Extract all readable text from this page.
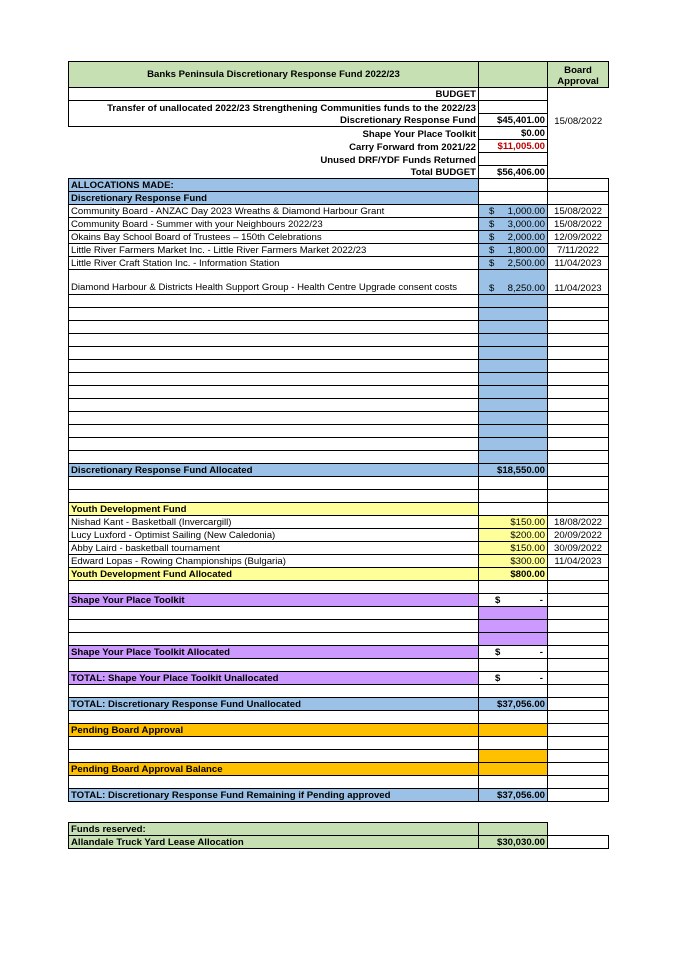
Banks Peninsula Discretionary Response Fund 2022/23		Board Approval
BUDGET		
Transfer of unallocated 2022/23 Strengthening Communities funds to the 2022/23		
Discretionary Response Fund	$45,401.00	15/08/2022
Shape Your Place Toolkit	$0.00	
Carry Forward from 2021/22	$11,005.00	
Unused DRF/YDF Funds Returned		
Total BUDGET	$56,406.00	
ALLOCATIONS MADE:		
Discretionary Response Fund		
Community Board - ANZAC Day 2023 Wreaths & Diamond Harbour Grant	$ 1,000.00	15/08/2022
Community Board - Summer with your Neighbours 2022/23	$ 3,000.00	15/08/2022
Okains Bay School Board of Trustees – 150th Celebrations	$ 2,000.00	12/09/2022
Little River Farmers Market Inc. - Little River Farmers Market 2022/23	$ 1,800.00	7/11/2022
Little River Craft Station Inc. - Information Station	$ 2,500.00	11/04/2023
Diamond Harbour & Districts Health Support Group - Health Centre Upgrade consent costs	$ 8,250.00	11/04/2023

Discretionary Response Fund Allocated	$18,550.00	

Youth Development Fund		
Nishad Kant - Basketball (Invercargill)	$150.00	18/08/2022
Lucy Luxford - Optimist Sailing (New Caledonia)	$200.00	20/09/2022
Abby Laird - basketball tournament	$150.00	30/09/2022
Edward Lopas - Rowing Championships (Bulgaria)	$300.00	11/04/2023
Youth Development Fund Allocated	$800.00	

Shape Your Place Toolkit	$ -	

Shape Your Place Toolkit Allocated	$ -	

TOTAL: Shape Your Place Toolkit Unallocated	$ -	

TOTAL: Discretionary Response Fund Unallocated	$37,056.00	

Pending Board Approval		

Pending Board Approval Balance		

TOTAL: Discretionary Response Fund Remaining if Pending approved	$37,056.00	

Funds reserved:		
Allandale Truck Yard Lease Allocation	$30,030.00	
